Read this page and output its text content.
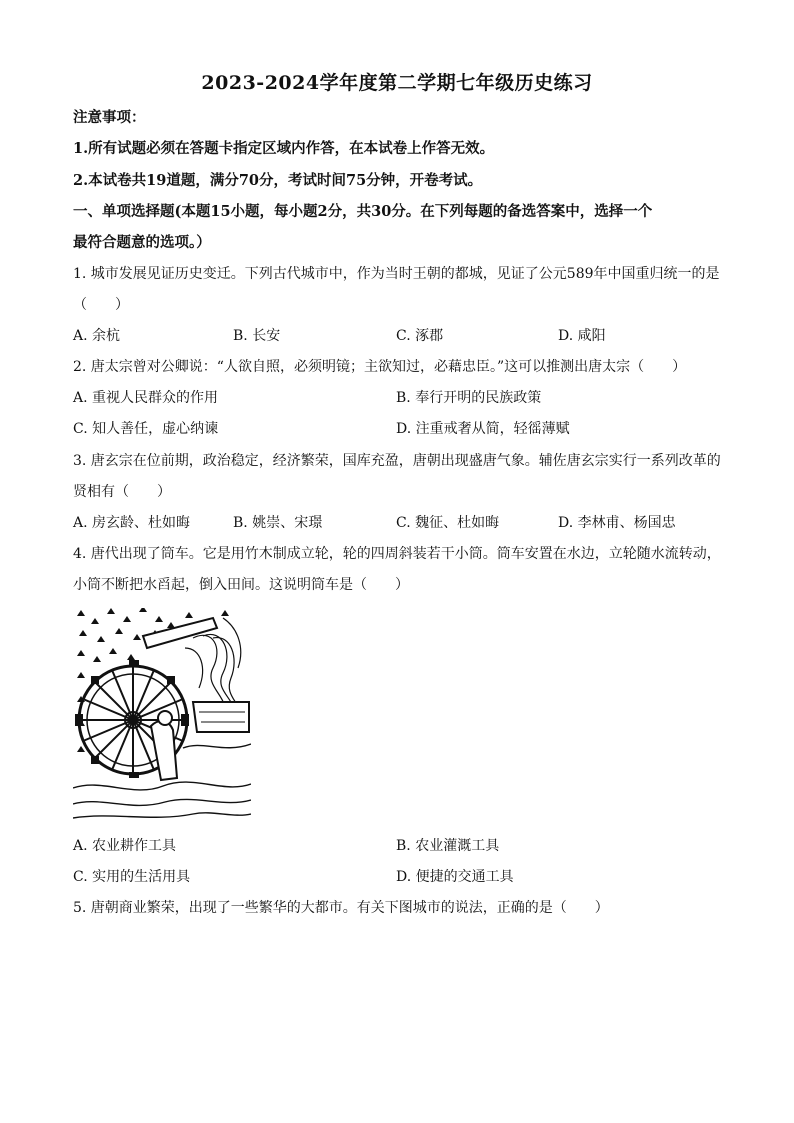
2023-2024学年度第二学期七年级历史练习
注意事项：
1.所有试题必须在答题卡指定区域内作答，在本试卷上作答无效。
2.本试卷共19道题，满分70分，考试时间75分钟，开卷考试。
一、单项选择题(本题15小题，每小题2分，共30分。在下列每题的备选答案中，选择一个
最符合题意的选项。）
1. 城市发展见证历史变迁。下列古代城市中，作为当时王朝的都城，见证了公元589年中国重归统一的是
（　　）
A. 余杭	B. 长安	C. 涿郡	D. 咸阳
2. 唐太宗曾对公卿说：“人欲自照，必须明镜；主欲知过，必藉忠臣。”这可以推测出唐太宗（　　）
A. 重视人民群众的作用	B. 奉行开明的民族政策
C. 知人善任，虚心纳谏	D. 注重戒奢从简，轻徭薄赋
3. 唐玄宗在位前期，政治稳定，经济繁荣，国库充盈，唐朝出现盛唐气象。辅佐唐玄宗实行一系列改革的
贤相有（　　）
A. 房玄龄、杜如晦	B. 姚崇、宋璟	C. 魏征、杜如晦	D. 李林甫、杨国忠
4. 唐代出现了筒车。它是用竹木制成立轮，轮的四周斜装若干小筒。筒车安置在水边，立轮随水流转动，
小筒不断把水舀起，倒入田间。这说明筒车是（　　）
A. 农业耕作工具	B. 农业灌溉工具
C. 实用的生活用具	D. 便捷的交通工具
5. 唐朝商业繁荣，出现了一些繁华的大都市。有关下图城市的说法，正确的是（　　）
